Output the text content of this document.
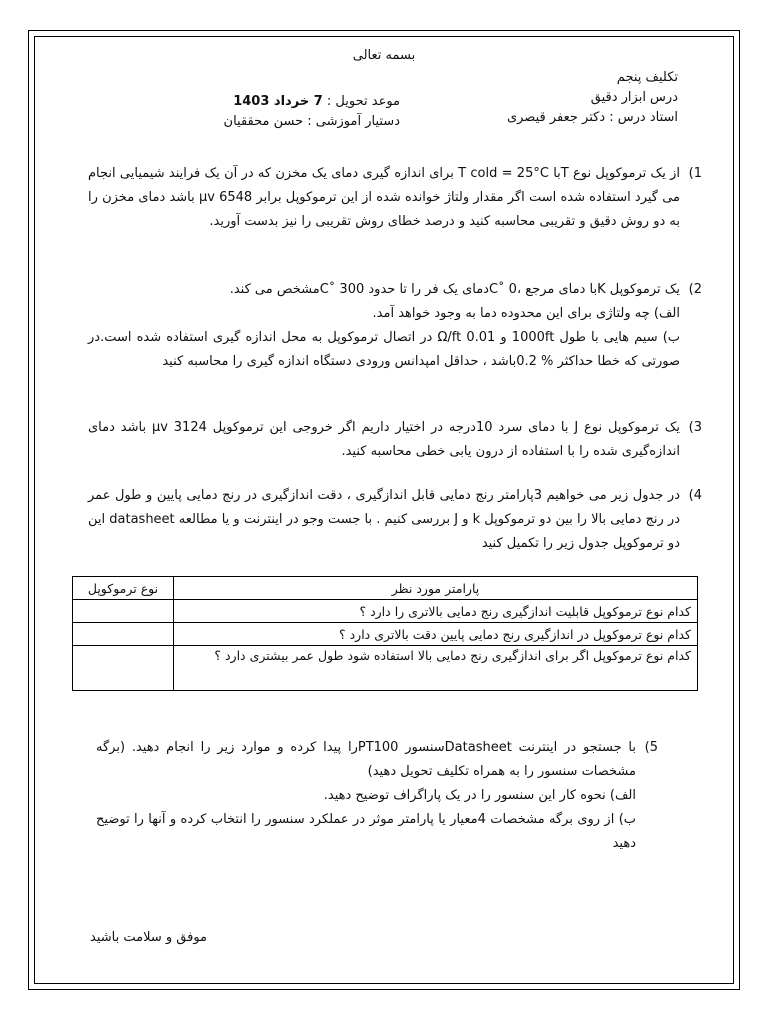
بسمه تعالی
تکلیف پنجم
درس ابزار دقیق
استاد درس : دکتر جعفر قیصری
موعد تحویل : 7 خرداد 1403
دستیار آموزشی : حسن محققیان
1)

از یک ترموکوپل نوع Tبا T cold = 25°C برای اندازه گیری دمای یک مخزن که در آن یک فرایند شیمیایی انجام می گیرد استفاده شده است اگر مقدار ولتاژ خوانده شده از این ترموکوپل برابر 6548 μv باشد دمای مخزن را به دو روش دقیق و تقریبی محاسبه کنید و درصد خطای روش تقریبی را نیز بدست آورید.

2)

یک ترموکوپل Kبا دمای مرجع ،C˚ 0دمای یک فر را تا حدود C˚ 300مشخص می کند.

الف) چه ولتاژی برای این محدوده دما به وجود خواهد آمد.

ب) سیم هایی با طول 1000ft و 0.01 Ω/ft در اتصال ترموکوپل به محل اندازه گیری استفاده شده است.در صورتی که خطا حداکثر % 0.2باشد ، حداقل امپدانس ورودی دستگاه اندازه گیری را محاسبه کنید

3)

یک ترموکوپل نوع J با دمای سرد 10درجه در اختیار داریم اگر خروجی این ترموکوپل 3124 μv باشد دمای اندازه‌گیری شده را با استفاده از درون یابی خطی محاسبه کنید.

4)

در جدول زیر می خواهیم 3پارامتر رنج دمایی قابل اندازگیری ، دقت اندازگیری در رنج دمایی پایین و طول عمر در رنج دمایی بالا را بین دو ترموکوپل k و J بررسی کنیم . با جست وجو در اینترنت و یا مطالعه datasheet این دو ترموکوپل جدول زیر را تکمیل کنید

پارامتر مورد نظر	نوع ترموکوپل
کدام نوع ترموکوپل قابلیت اندازگیری رنج دمایی بالاتری را دارد ؟	
کدام نوع ترموکوپل در اندازگیری رنج دمایی پایین دقت بالاتری دارد ؟	
کدام نوع ترموکوپل اگر برای اندازگیری رنج دمایی بالا استفاده شود طول عمر بیشتری دارد ؟	
5)

با جستجو در اینترنت Datasheetسنسور PT100را پیدا کرده و موارد زیر را انجام دهید. (برگه مشخصات سنسور را به همراه تکلیف تحویل دهید)

الف) نحوه کار این سنسور را در یک پاراگراف توضیح دهید.

ب) از روی برگه مشخصات 4معیار یا پارامتر موثر در عملکرد سنسور را انتخاب کرده و آنها را توضیح دهید

موفق و سلامت باشید
